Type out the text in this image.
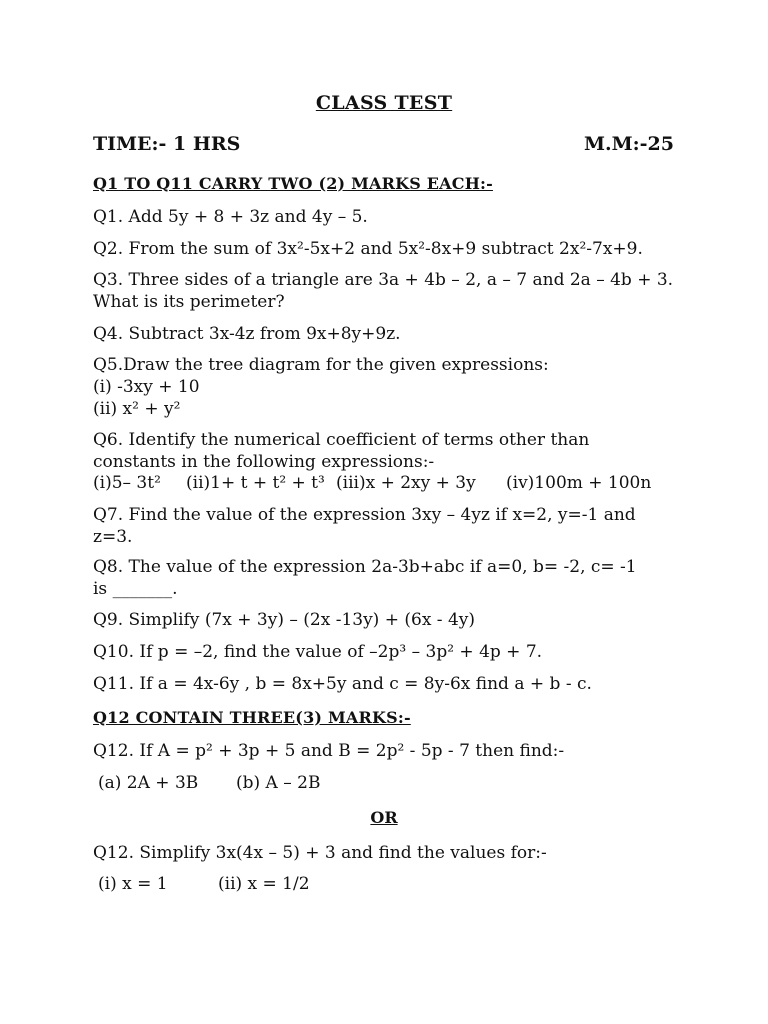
CLASS TEST
TIME:- 1 HRS	M.M:-25
Q1 TO Q11 CARRY TWO (2) MARKS EACH:-
Q1. Add 5y + 8 + 3z and 4y – 5.
Q2. From the sum of 3x²-5x+2 and 5x²-8x+9 subtract 2x²-7x+9.
Q3. Three sides of a triangle are 3a + 4b – 2, a – 7 and 2a – 4b + 3. What is its perimeter?
Q4. Subtract 3x-4z from 9x+8y+9z.
Q5.Draw the tree diagram for the given expressions:
(i) -3xy + 10
(ii) x² + y²
Q6. Identify the numerical coefficient of terms other than
constants in the following expressions:-
(i)5– 3t² (ii)1+ t + t² + t³ (iii)x + 2xy + 3y (iv)100m + 100n
Q7. Find the value of the expression 3xy – 4yz if x=2, y=-1 and
z=3.
Q8. The value of the expression 2a-3b+abc if a=0, b= -2, c= -1
is _______.
Q9. Simplify (7x + 3y) – (2x -13y) + (6x - 4y)
Q10. If p = –2, find the value of –2p³ – 3p² + 4p + 7.
Q11. If a = 4x-6y , b = 8x+5y and c = 8y-6x find a + b - c.
Q12 CONTAIN THREE(3) MARKS:-
Q12. If A = p² + 3p + 5 and B = 2p² - 5p - 7 then find:-
(a) 2A + 3B (b) A – 2B
OR
Q12. Simplify 3x(4x – 5) + 3 and find the values for:-
(i) x = 1	(ii) x = 1/2
